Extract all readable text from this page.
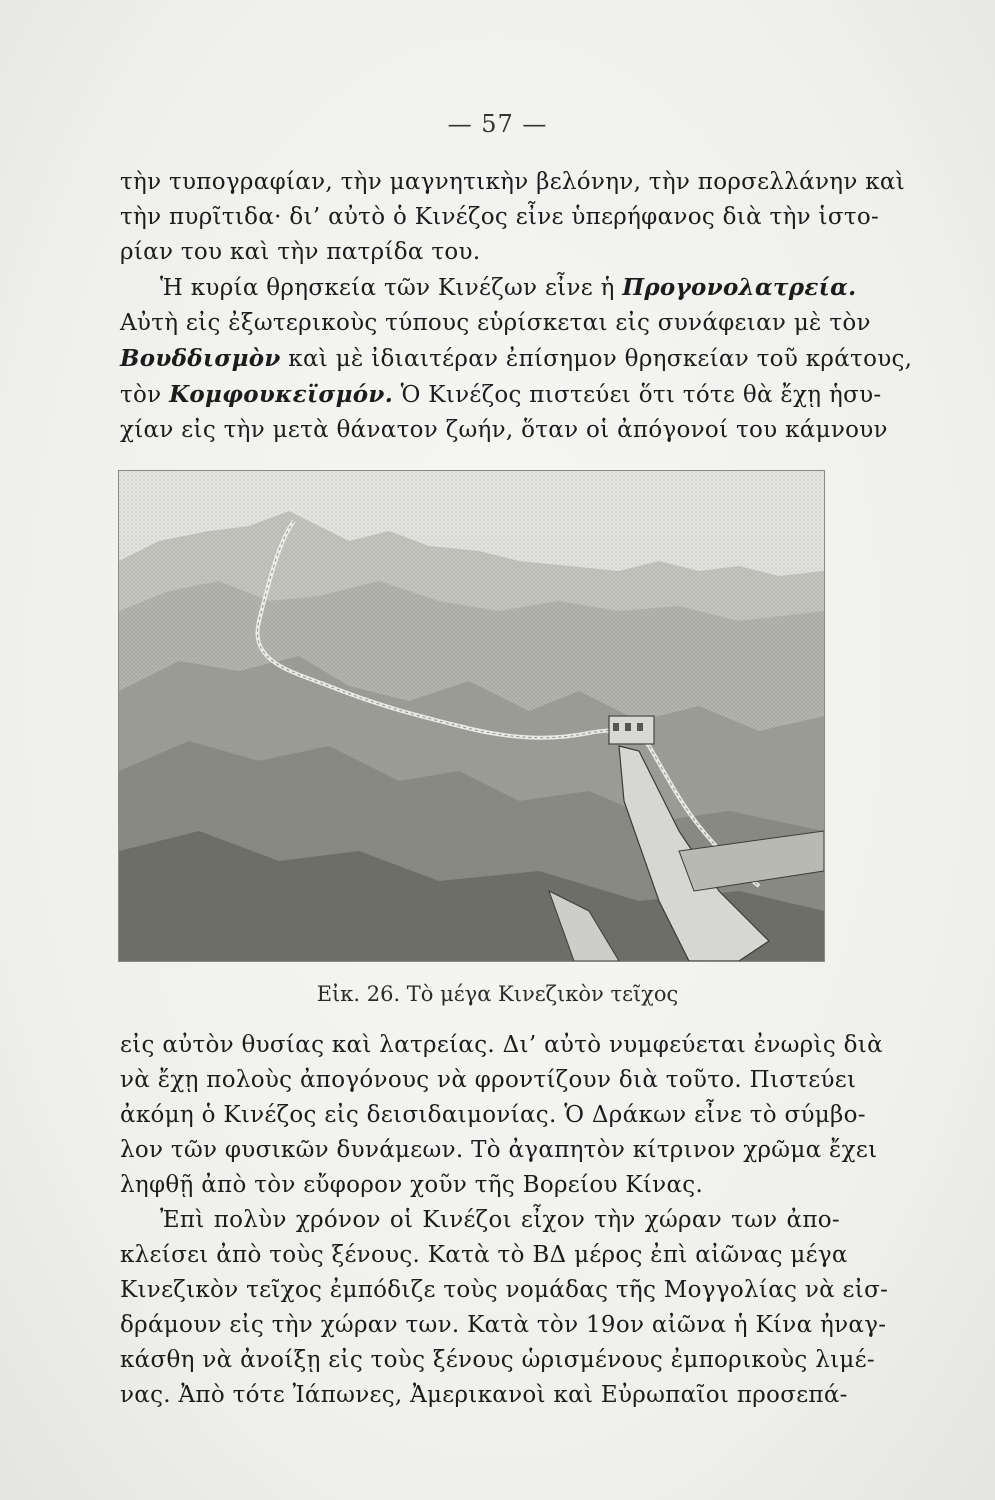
— 57 —

τὴν τυπογραφίαν, τὴν μαγνητικὴν βελόνην, τὴν πορσελλάνην καὶ
τὴν πυρῖτιδα· δι’ αὐτὸ ὁ Κινέζος εἶνε ὑπερήφανος διὰ τὴν ἱστο-
ρίαν του καὶ τὴν πατρίδα του.

Ἡ κυρία θρησκεία τῶν Κινέζων εἶνε ἡ Προγονολατρεία.
Αὐτὴ εἰς ἐξωτερικοὺς τύπους εὑρίσκεται εἰς συνάφειαν μὲ τὸν
Βουδδισμὸν καὶ μὲ ἰδιαιτέραν ἐπίσημον θρησκείαν τοῦ κράτους,
τὸν Κομφουκεϊσμόν. Ὁ Κινέζος πιστεύει ὅτι τότε θὰ ἔχῃ ἡσυ-
χίαν εἰς τὴν μετὰ θάνατον ζωήν, ὅταν οἱ ἀπόγονοί του κάμνουν

Εἰκ. 26. Τὸ μέγα Κινεζικὸν τεῖχος

εἰς αὐτὸν θυσίας καὶ λατρείας. Δι’ αὐτὸ νυμφεύεται ἐνωρὶς διὰ
νὰ ἔχῃ πολοὺς ἀπογόνους νὰ φροντίζουν διὰ τοῦτο. Πιστεύει
ἀκόμη ὁ Κινέζος εἰς δεισιδαιμονίας. Ὁ Δράκων εἶνε τὸ σύμβο-
λον τῶν φυσικῶν δυνάμεων. Τὸ ἀγαπητὸν κίτρινον χρῶμα ἔχει
ληφθῇ ἀπὸ τὸν εὔφορον χοῦν τῆς Βορείου Κίνας.

Ἐπὶ πολὺν χρόνον οἱ Κινέζοι εἶχον τὴν χώραν των ἀπο-
κλείσει ἀπὸ τοὺς ξένους. Κατὰ τὸ ΒΔ μέρος ἐπὶ αἰῶνας μέγα
Κινεζικὸν τεῖχος ἐμπόδιζε τοὺς νομάδας τῆς Μογγολίας νὰ εἰσ-
δράμουν εἰς τὴν χώραν των. Κατὰ τὸν 19ον αἰῶνα ἡ Κίνα ἠναγ-
κάσθη νὰ ἀνοίξῃ εἰς τοὺς ξένους ὡρισμένους ἐμπορικοὺς λιμέ-
νας. Ἀπὸ τότε Ἰάπωνες, Ἀμερικανοὶ καὶ Εὐρωπαῖοι προσεπά-
